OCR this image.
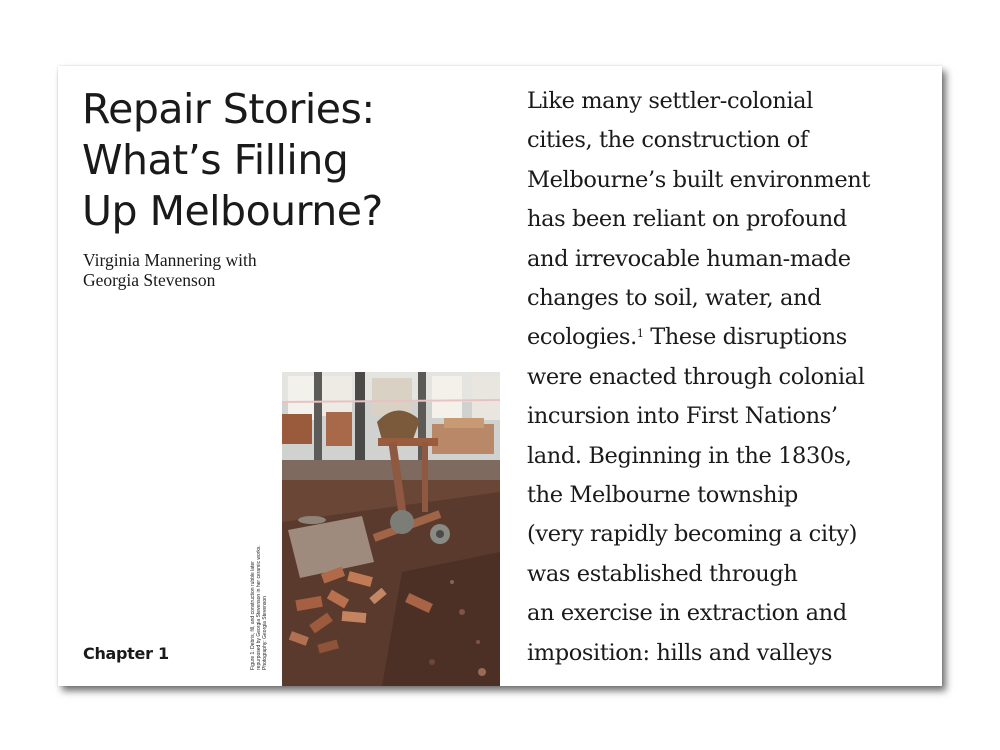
Repair Stories:
What’s Filling
Up Melbourne?
Virginia Mannering with
Georgia Stevenson
Chapter 1	Figure 1: Debris, fill, and construction rubble later repurposed by Georgia Stevenson in her ceramic works. Photography: Georgia Stevenson
Like many settler-colonial
cities, the construction of
Melbourne’s built environment
has been reliant on profound
and irrevocable human-made
changes to soil, water, and
ecologies.$^1$ These disruptions
were enacted through colonial
incursion into First Nations’
land. Beginning in the 1830s,
the Melbourne township
(very rapidly becoming a city)
was established through
an exercise in extraction and
imposition: hills and valleys
